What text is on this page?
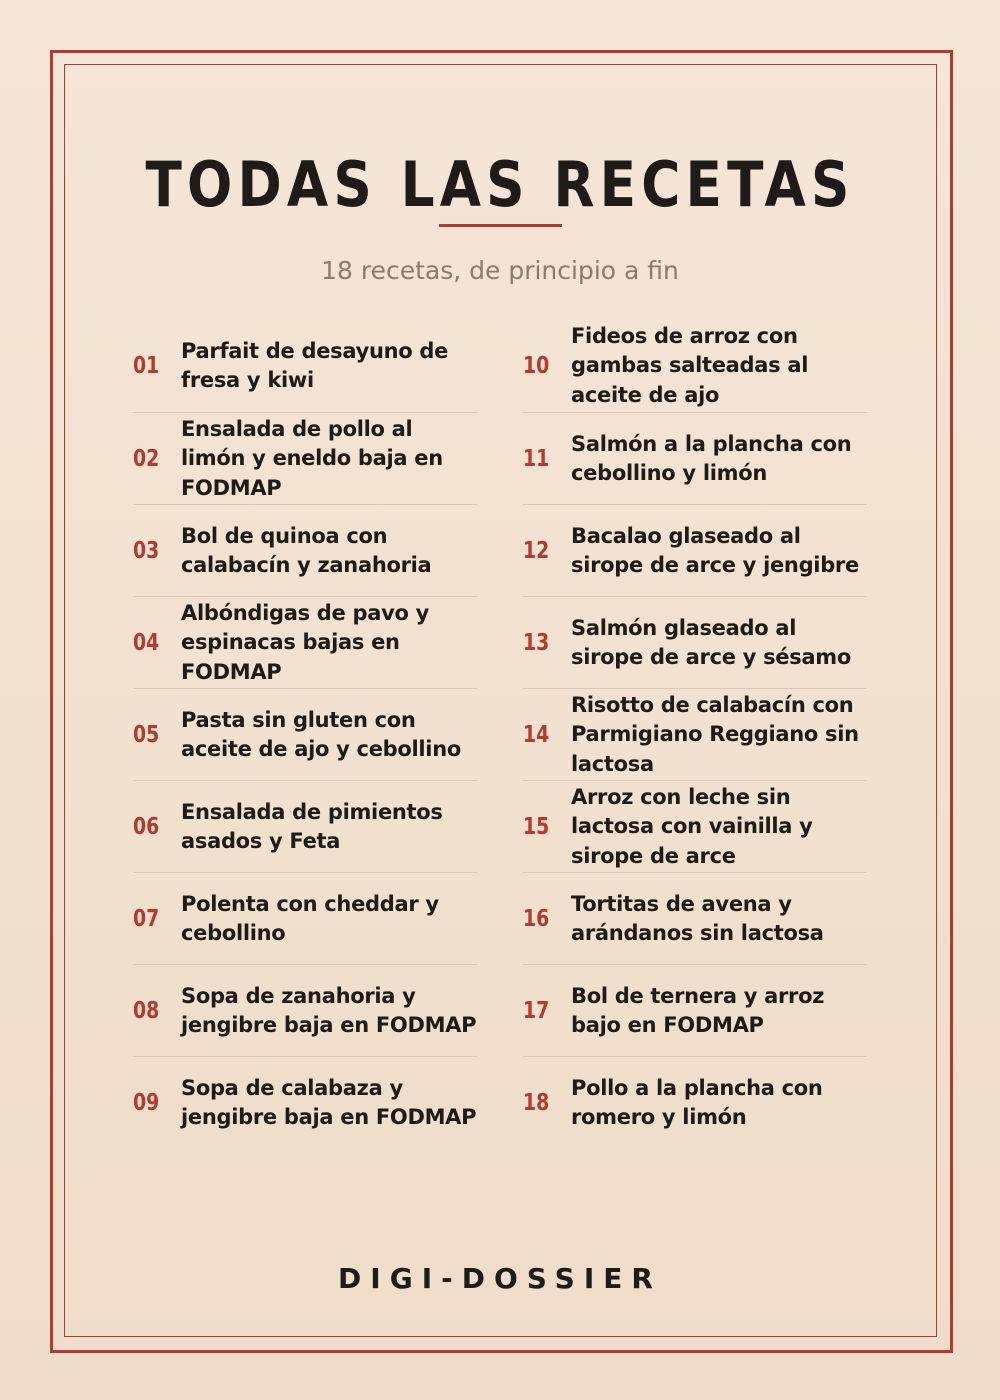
TODAS LAS RECETAS
18 recetas, de principio a fin
01
Parfait de desayuno de fresa y kiwi
02
Ensalada de pollo al limón y eneldo baja en FODMAP
03
Bol de quinoa con calabacín y zanahoria
04
Albóndigas de pavo y espinacas bajas en FODMAP
05
Pasta sin gluten con aceite de ajo y cebollino
06
Ensalada de pimientos asados y Feta
07
Polenta con cheddar y cebollino
08
Sopa de zanahoria y jengibre baja en FODMAP
09
Sopa de calabaza y jengibre baja en FODMAP
10
Fideos de arroz con gambas salteadas al aceite de ajo
11
Salmón a la plancha con cebollino y limón
12
Bacalao glaseado al sirope de arce y jengibre
13
Salmón glaseado al sirope de arce y sésamo
14
Risotto de calabacín con Parmigiano Reggiano sin lactosa
15
Arroz con leche sin lactosa con vainilla y sirope de arce
16
Tortitas de avena y arándanos sin lactosa
17
Bol de ternera y arroz bajo en FODMAP
18
Pollo a la plancha con romero y limón
DIGI-DOSSIER
